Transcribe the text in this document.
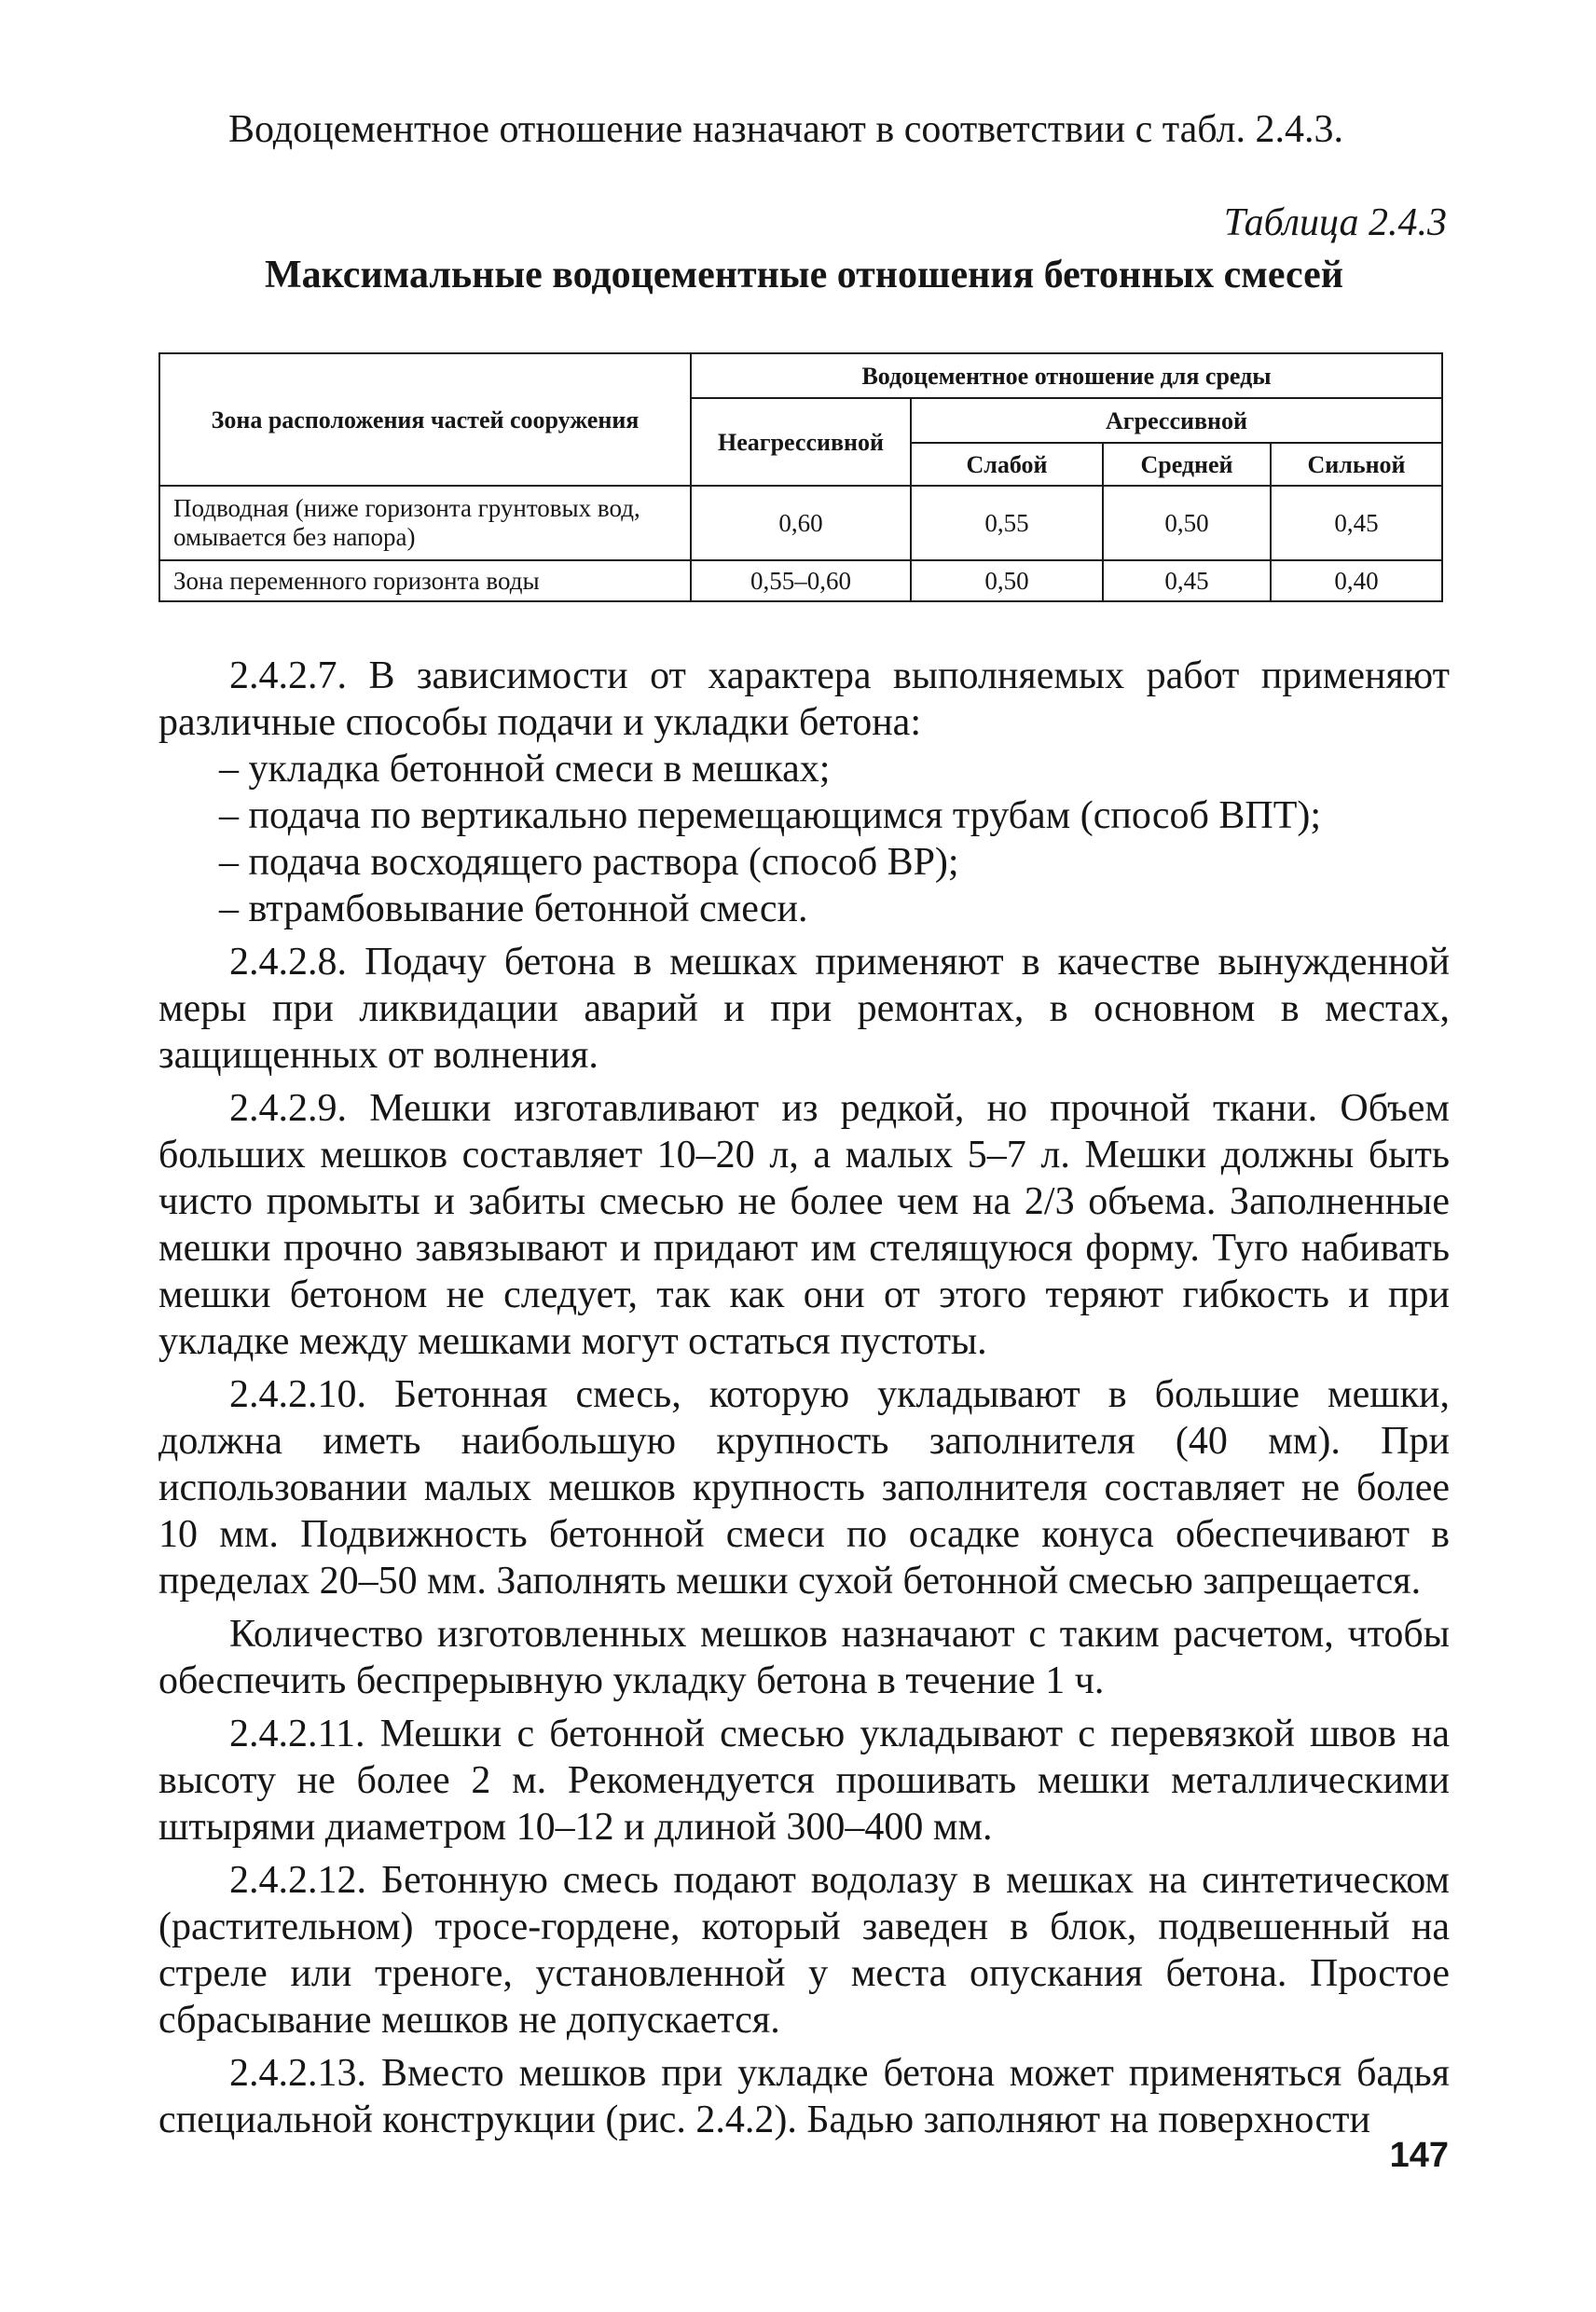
Водоцементное отношение назначают в соответствии с табл. 2.4.3.
Таблица 2.4.3
Максимальные водоцементные отношения бетонных смесей
Зона расположения частей сооружения	Водоцементное отношение для среды			
	Неагрессивной	Агрессивной		
		Слабой	Средней	Сильной
Подводная (ниже горизонта грунтовых вод, омывается без напора)	0,60	0,55	0,50	0,45
Зона переменного горизонта воды	0,55–0,60	0,50	0,45	0,40

2.4.2.7. В зависимости от характера выполняемых работ применяют различные способы подачи и укладки бетона:

– укладка бетонной смеси в мешках;

– подача по вертикально перемещающимся трубам (способ ВПТ);

– подача восходящего раствора (способ ВР);

– втрамбовывание бетонной смеси.

2.4.2.8. Подачу бетона в мешках применяют в качестве вынужденной меры при ликвидации аварий и при ремонтах, в основном в местах, защищенных от волнения.

2.4.2.9. Мешки изготавливают из редкой, но прочной ткани. Объем больших мешков составляет 10–20 л, а малых 5–7 л. Мешки должны быть чисто промыты и забиты смесью не более чем на 2/3 объема. Заполненные мешки прочно завязывают и придают им стелящуюся форму. Туго набивать мешки бетоном не следует, так как они от этого теряют гибкость и при укладке между мешками могут остаться пустоты.

2.4.2.10. Бетонная смесь, которую укладывают в большие мешки, должна иметь наибольшую крупность заполнителя (40 мм). При использовании малых мешков крупность заполнителя составляет не более 10 мм. Подвижность бетонной смеси по осадке конуса обеспечивают в пределах 20–50 мм. Заполнять мешки сухой бетонной смесью запрещается.

Количество изготовленных мешков назначают с таким расчетом, чтобы обеспечить беспрерывную укладку бетона в течение 1 ч.

2.4.2.11. Мешки с бетонной смесью укладывают с перевязкой швов на высоту не более 2 м. Рекомендуется прошивать мешки металлическими штырями диаметром 10–12 и длиной 300–400 мм.

2.4.2.12. Бетонную смесь подают водолазу в мешках на синтетическом (растительном) тросе-гордене, который заведен в блок, подвешенный на стреле или треноге, установленной у места опускания бетона. Простое сбрасывание мешков не допускается.

2.4.2.13. Вместо мешков при укладке бетона может применяться бадья специальной конструкции (рис. 2.4.2). Бадью заполняют на поверхности

147
